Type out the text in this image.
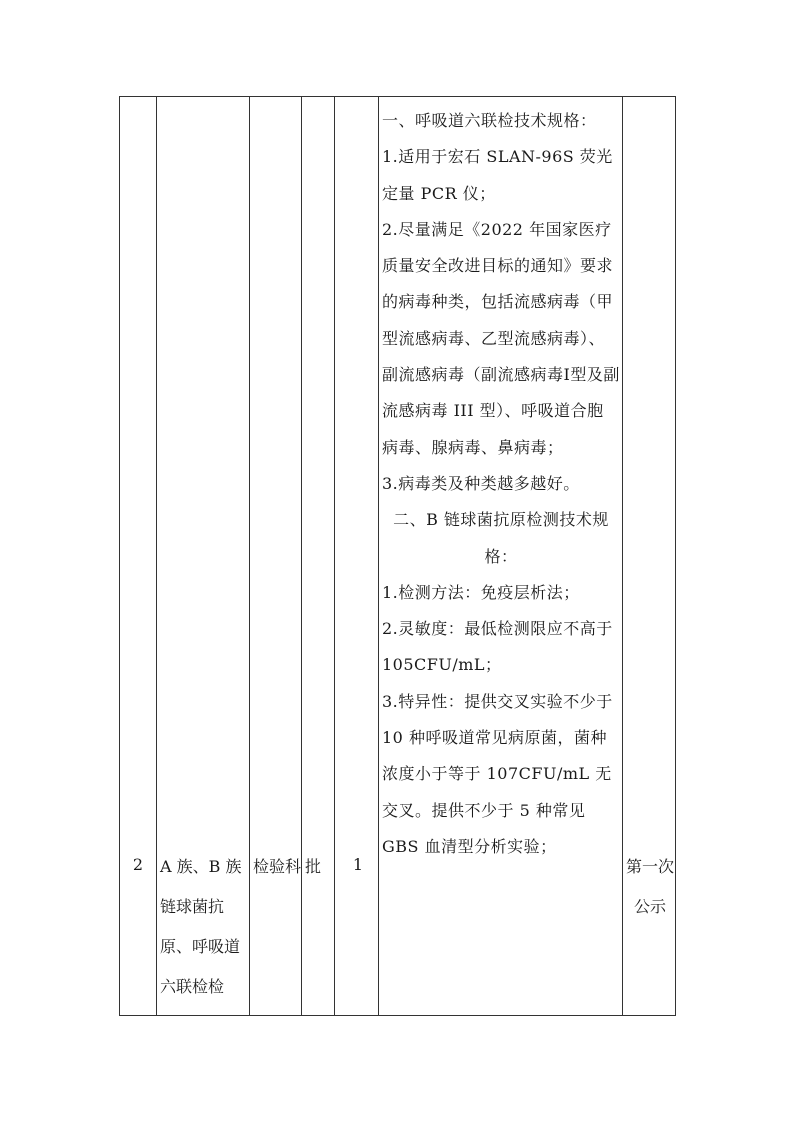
2	A 族、B 族链球菌抗原、呼吸道六联检检
检验科 批	1

一、呼吸道六联检技术规格：

1.适用于宏石 SLAN-96S 荧光定量 PCR 仪；

2.尽量满足《2022 年国家医疗质量安全改进目标的通知》要求的病毒种类，包括流感病毒（甲型流感病毒、乙型流感病毒）、副流感病毒（副流感病毒Ⅰ型及副流感病毒 III 型）、呼吸道合胞病毒、腺病毒、鼻病毒；

3.病毒类及种类越多越好。

二、B 链球菌抗原检测技术规格：

1.检测方法：免疫层析法；

2.灵敏度：最低检测限应不高于 105CFU/mL；

3.特异性：提供交叉实验不少于 10 种呼吸道常见病原菌，菌种浓度小于等于 107CFU/mL 无交叉。提供不少于 5 种常见 GBS 血清型分析实验；

第一次公示
